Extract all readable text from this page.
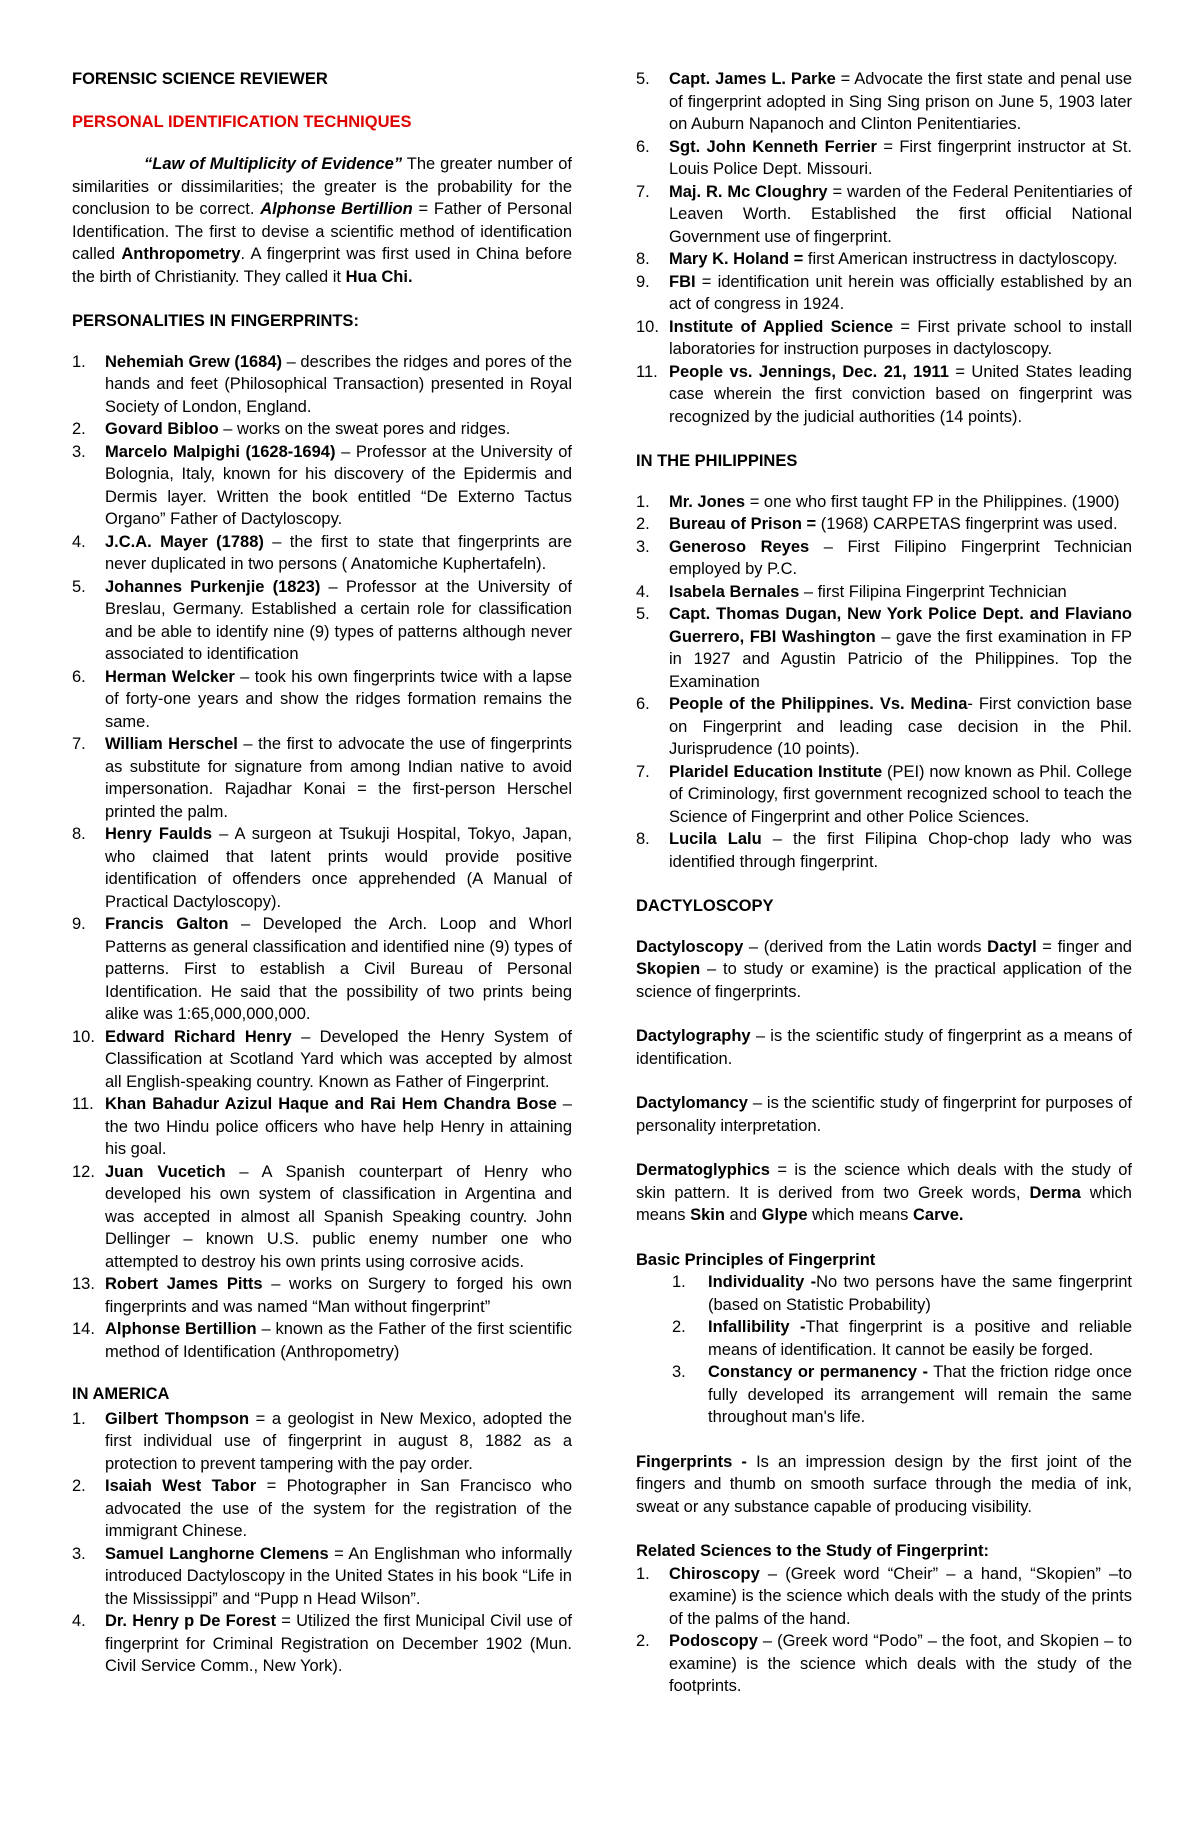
FORENSIC SCIENCE REVIEWER

PERSONAL IDENTIFICATION TECHNIQUES

“Law of Multiplicity of Evidence” The greater number of similarities or dissimilarities; the greater is the probability for the conclusion to be correct. Alphonse Bertillion = Father of Personal Identification. The first to devise a scientific method of identification called Anthropometry. A fingerprint was first used in China before the birth of Christianity. They called it Hua Chi.

PERSONALITIES IN FINGERPRINTS:

1. Nehemiah Grew (1684) – describes the ridges and pores of the hands and feet (Philosophical Transaction) presented in Royal Society of London, England.
2. Govard Bibloo – works on the sweat pores and ridges.
3. Marcelo Malpighi (1628-1694) – Professor at the University of Bolognia, Italy, known for his discovery of the Epidermis and Dermis layer. Written the book entitled “De Externo Tactus Organo” Father of Dactyloscopy.
4. J.C.A. Mayer (1788) – the first to state that fingerprints are never duplicated in two persons ( Anatomiche Kuphertafeln).
5. Johannes Purkenjie (1823) – Professor at the University of Breslau, Germany. Established a certain role for classification and be able to identify nine (9) types of patterns although never associated to identification
6. Herman Welcker – took his own fingerprints twice with a lapse of forty-one years and show the ridges formation remains the same.
7. William Herschel – the first to advocate the use of fingerprints as substitute for signature from among Indian native to avoid impersonation. Rajadhar Konai = the first-person Herschel printed the palm.
8. Henry Faulds – A surgeon at Tsukuji Hospital, Tokyo, Japan, who claimed that latent prints would provide positive identification of offenders once apprehended (A Manual of Practical Dactyloscopy).
9. Francis Galton – Developed the Arch. Loop and Whorl Patterns as general classification and identified nine (9) types of patterns. First to establish a Civil Bureau of Personal Identification. He said that the possibility of two prints being alike was 1:65,000,000,000.
10. Edward Richard Henry – Developed the Henry System of Classification at Scotland Yard which was accepted by almost all English-speaking country. Known as Father of Fingerprint.
11. Khan Bahadur Azizul Haque and Rai Hem Chandra Bose – the two Hindu police officers who have help Henry in attaining his goal.
12. Juan Vucetich – A Spanish counterpart of Henry who developed his own system of classification in Argentina and was accepted in almost all Spanish Speaking country. John Dellinger – known U.S. public enemy number one who attempted to destroy his own prints using corrosive acids.
13. Robert James Pitts – works on Surgery to forged his own fingerprints and was named “Man without fingerprint”
14. Alphonse Bertillion – known as the Father of the first scientific method of Identification (Anthropometry)

IN AMERICA

1. Gilbert Thompson = a geologist in New Mexico, adopted the first individual use of fingerprint in august 8, 1882 as a protection to prevent tampering with the pay order.
2. Isaiah West Tabor = Photographer in San Francisco who advocated the use of the system for the registration of the immigrant Chinese.
3. Samuel Langhorne Clemens = An Englishman who informally introduced Dactyloscopy in the United States in his book “Life in the Mississippi” and “Pupp n Head Wilson”.
4. Dr. Henry p De Forest = Utilized the first Municipal Civil use of fingerprint for Criminal Registration on December 1902 (Mun. Civil Service Comm., New York).
5. Capt. James L. Parke = Advocate the first state and penal use of fingerprint adopted in Sing Sing prison on June 5, 1903 later on Auburn Napanoch and Clinton Penitentiaries.
6. Sgt. John Kenneth Ferrier = First fingerprint instructor at St. Louis Police Dept. Missouri.
7. Maj. R. Mc Cloughry = warden of the Federal Penitentiaries of Leaven Worth. Established the first official National Government use of fingerprint.
8. Mary K. Holand = first American instructress in dactyloscopy.
9. FBI = identification unit herein was officially established by an act of congress in 1924.
10. Institute of Applied Science = First private school to install laboratories for instruction purposes in dactyloscopy.
11. People vs. Jennings, Dec. 21, 1911 = United States leading case wherein the first conviction based on fingerprint was recognized by the judicial authorities (14 points).

IN THE PHILIPPINES

1. Mr. Jones = one who first taught FP in the Philippines. (1900)
2. Bureau of Prison = (1968) CARPETAS fingerprint was used.
3. Generoso Reyes – First Filipino Fingerprint Technician employed by P.C.
4. Isabela Bernales – first Filipina Fingerprint Technician
5. Capt. Thomas Dugan, New York Police Dept. and Flaviano Guerrero, FBI Washington – gave the first examination in FP in 1927 and Agustin Patricio of the Philippines. Top the Examination
6. People of the Philippines. Vs. Medina- First conviction base on Fingerprint and leading case decision in the Phil. Jurisprudence (10 points).
7. Plaridel Education Institute (PEI) now known as Phil. College of Criminology, first government recognized school to teach the Science of Fingerprint and other Police Sciences.
8. Lucila Lalu – the first Filipina Chop-chop lady who was identified through fingerprint.

DACTYLOSCOPY

Dactyloscopy – (derived from the Latin words Dactyl = finger and Skopien – to study or examine) is the practical application of the science of fingerprints.

Dactylography – is the scientific study of fingerprint as a means of identification.

Dactylomancy – is the scientific study of fingerprint for purposes of personality interpretation.

Dermatoglyphics = is the science which deals with the study of skin pattern. It is derived from two Greek words, Derma which means Skin and Glype which means Carve.

Basic Principles of Fingerprint

1. Individuality -No two persons have the same fingerprint (based on Statistic Probability)
2. Infallibility -That fingerprint is a positive and reliable means of identification. It cannot be easily be forged.
3. Constancy or permanency - That the friction ridge once fully developed its arrangement will remain the same throughout man's life.

Fingerprints - Is an impression design by the first joint of the fingers and thumb on smooth surface through the media of ink, sweat or any substance capable of producing visibility.

Related Sciences to the Study of Fingerprint:

1. Chiroscopy – (Greek word “Cheir” – a hand, “Skopien” –to examine) is the science which deals with the study of the prints of the palms of the hand.
2. Podoscopy – (Greek word “Podo” – the foot, and Skopien – to examine) is the science which deals with the study of the footprints.
